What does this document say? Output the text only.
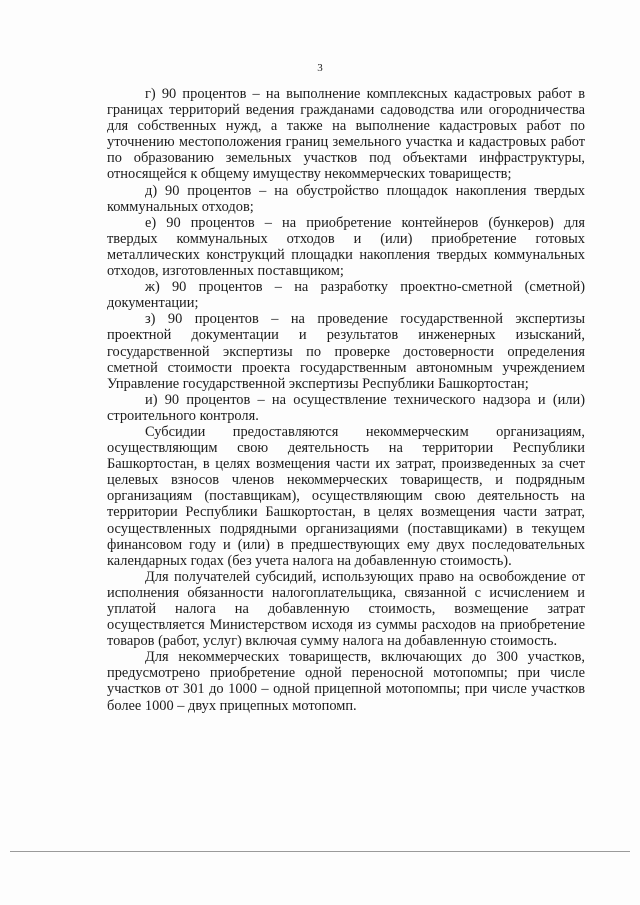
3

г) 90 процентов – на выполнение комплексных кадастровых работ в границах территорий ведения гражданами садоводства или огородничества для собственных нужд, а также на выполнение кадастровых работ по уточнению местоположения границ земельного участка и кадастровых работ по образованию земельных участков под объектами инфраструктуры, относящейся к общему имуществу некоммерческих товариществ;

д) 90 процентов – на обустройство площадок накопления твердых коммунальных отходов;

е) 90 процентов – на приобретение контейнеров (бункеров) для твердых коммунальных отходов и (или) приобретение готовых металлических конструкций площадки накопления твердых коммунальных отходов, изготовленных поставщиком;

ж) 90 процентов – на разработку проектно-сметной (сметной) документации;

з) 90 процентов – на проведение государственной экспертизы проектной документации и результатов инженерных изысканий, государственной экспертизы по проверке достоверности определения сметной стоимости проекта государственным автономным учреждением Управление государственной экспертизы Республики Башкортостан;

и) 90 процентов – на осуществление технического надзора и (или) строительного контроля.

Субсидии предоставляются некоммерческим организациям, осуществляющим свою деятельность на территории Республики Башкортостан, в целях возмещения части их затрат, произведенных за счет целевых взносов членов некоммерческих товариществ, и подрядным организациям (поставщикам), осуществляющим свою деятельность на территории Республики Башкортостан, в целях возмещения части затрат, осуществленных подрядными организациями (поставщиками) в текущем финансовом году и (или) в предшествующих ему двух последовательных календарных годах (без учета налога на добавленную стоимость).

Для получателей субсидий, использующих право на освобождение от исполнения обязанности налогоплательщика, связанной с исчислением и уплатой налога на добавленную стоимость, возмещение затрат осуществляется Министерством исходя из суммы расходов на приобретение товаров (работ, услуг) включая сумму налога на добавленную стоимость.

Для некоммерческих товариществ, включающих до 300 участков, предусмотрено приобретение одной переносной мотопомпы; при числе участков от 301 до 1000 – одной прицепной мотопомпы; при числе участков более 1000 – двух прицепных мотопомп.
